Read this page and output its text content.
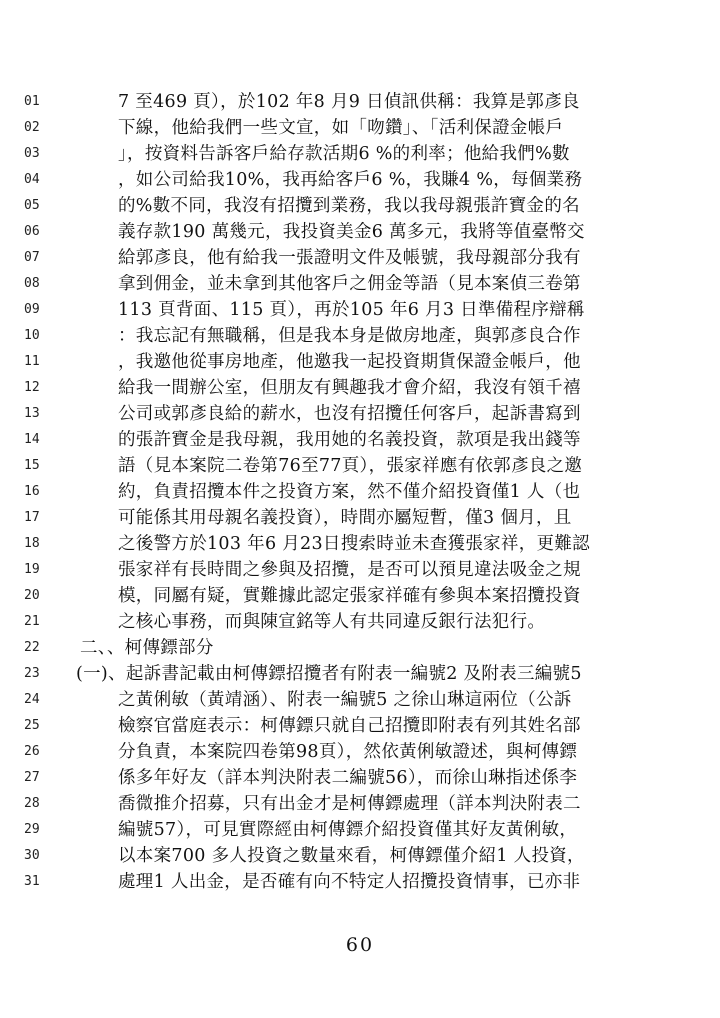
01	7 至469 頁），於102 年8 月9 日偵訊供稱：我算是郭彥良
02	下線，他給我們一些文宣，如「吻鑽」、「活利保證金帳戶
03	」，按資料告訴客戶給存款活期6 %的利率；他給我們%數
04	，如公司給我10%，我再給客戶6 %，我賺4 %，每個業務
05	的%數不同，我沒有招攬到業務，我以我母親張許寶金的名
06	義存款190 萬幾元，我投資美金6 萬多元，我將等值臺幣交
07	給郭彥良，他有給我一張證明文件及帳號，我母親部分我有
08	拿到佣金，並未拿到其他客戶之佣金等語（見本案偵三卷第
09	113 頁背面、115 頁），再於105 年6 月3 日準備程序辯稱
10	：我忘記有無職稱，但是我本身是做房地產，與郭彥良合作
11	，我邀他從事房地產，他邀我一起投資期貨保證金帳戶，他
12	給我一間辦公室，但朋友有興趣我才會介紹，我沒有領千禧
13	公司或郭彥良給的薪水，也沒有招攬任何客戶，起訴書寫到
14	的張許寶金是我母親，我用她的名義投資，款項是我出錢等
15	語（見本案院二卷第76至77頁），張家祥應有依郭彥良之邀
16	約，負責招攬本件之投資方案，然不僅介紹投資僅1 人（也
17	可能係其用母親名義投資），時間亦屬短暫，僅3 個月，且
18	之後警方於103 年6 月23日搜索時並未查獲張家祥，更難認
19	張家祥有長時間之參與及招攬，是否可以預見違法吸金之規
20	模，同屬有疑，實難據此認定張家祥確有參與本案招攬投資
21	之核心事務，而與陳宣銘等人有共同違反銀行法犯行。
22	二、、柯傳鏢部分
23	(一)、起訴書記載由柯傳鏢招攬者有附表一編號2 及附表三編號5
24	之黃俐敏（黃靖涵）、附表一編號5 之徐山琳這兩位（公訴
25	檢察官當庭表示：柯傳鏢只就自己招攬即附表有列其姓名部
26	分負責，本案院四卷第98頁），然依黃俐敏證述，與柯傳鏢
27	係多年好友（詳本判決附表二編號56），而徐山琳指述係李
28	喬微推介招募，只有出金才是柯傳鏢處理（詳本判決附表二
29	編號57），可見實際經由柯傳鏢介紹投資僅其好友黃俐敏，
30	以本案700 多人投資之數量來看，柯傳鏢僅介紹1 人投資，
31	處理1 人出金，是否確有向不特定人招攬投資情事，已亦非
60
